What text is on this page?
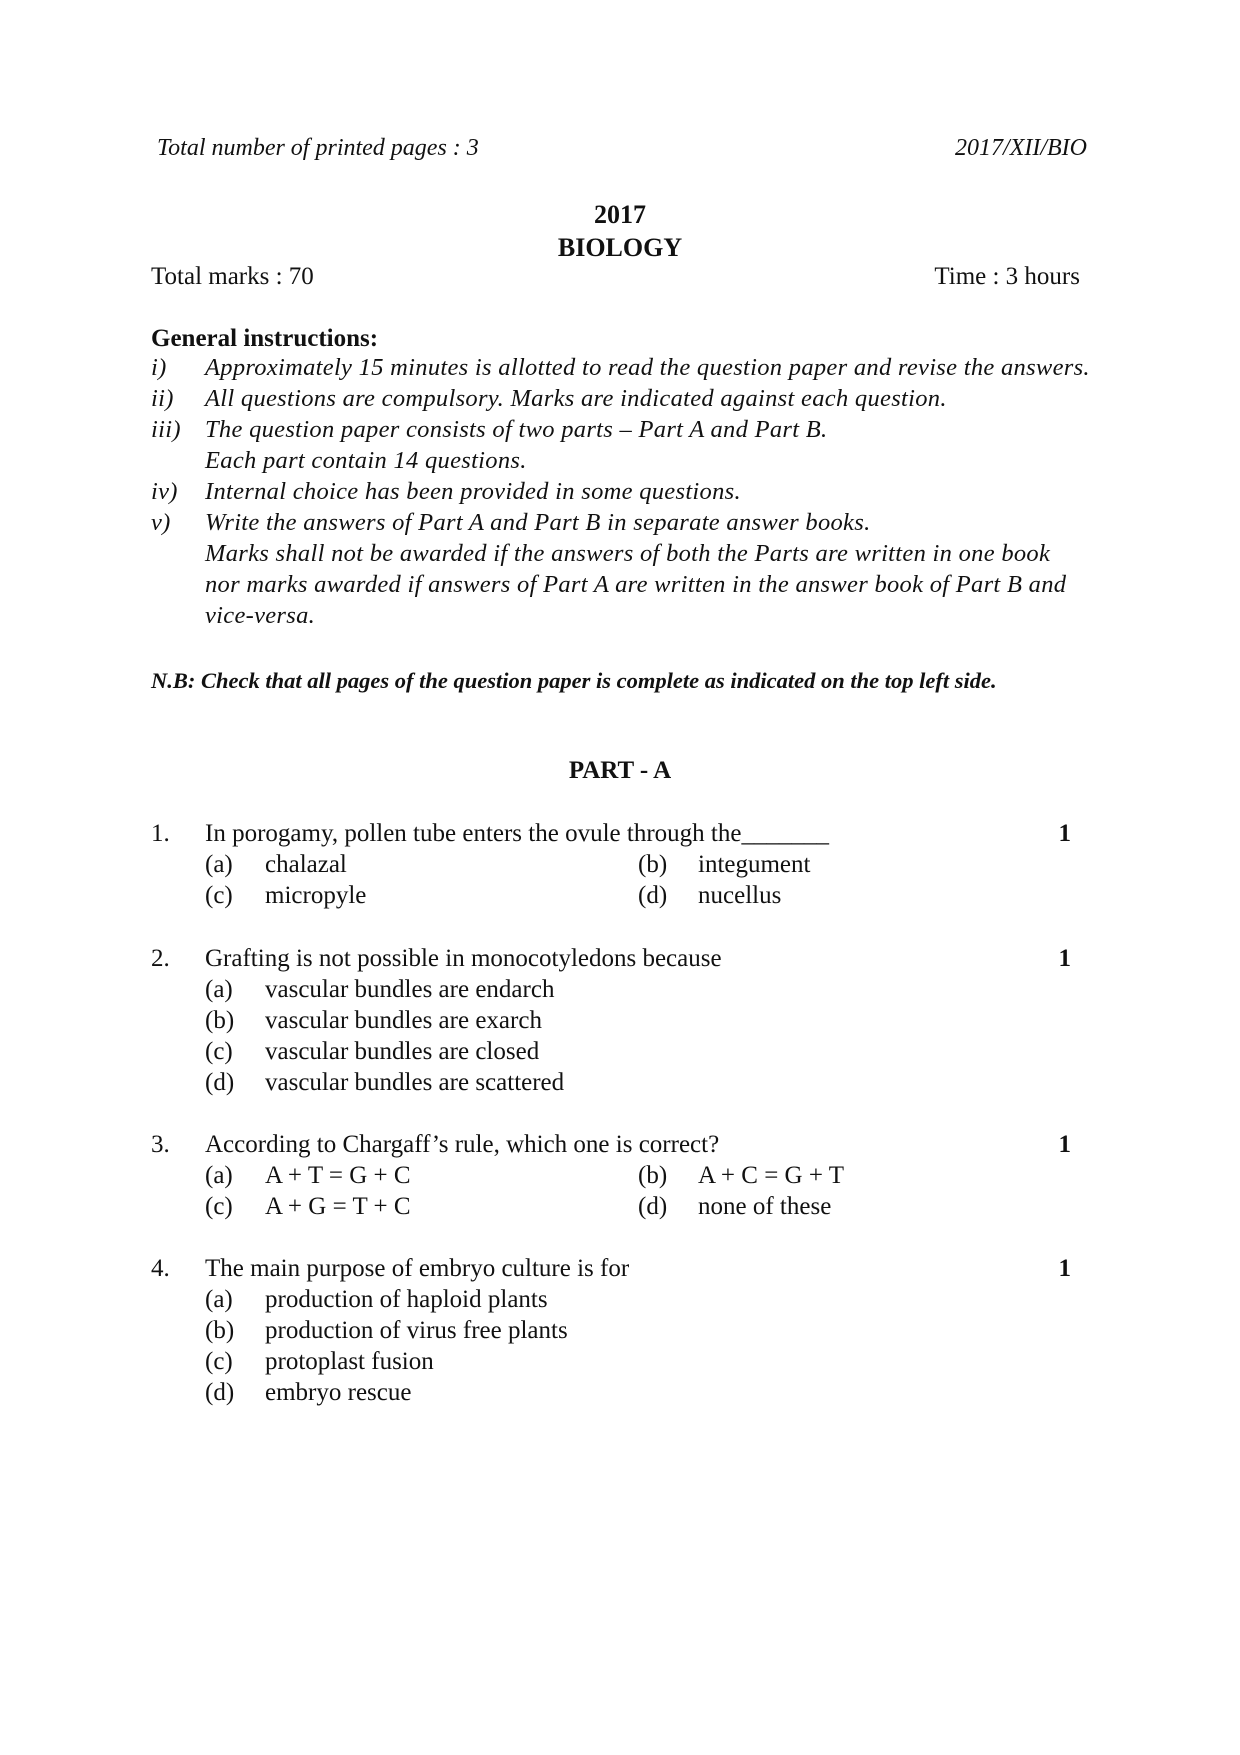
Total number of printed pages : 3	2017/XII/BIO
2017
BIOLOGY
Total marks : 70	Time : 3 hours
General instructions:
i)	Approximately 15 minutes is allotted to read the question paper and revise the answers.
ii)	All questions are compulsory. Marks are indicated against each question.
iii) The question paper consists of two parts – Part A and Part B.
Each part contain 14 questions.
iv)	Internal choice has been provided in some questions.
v)	Write the answers of Part A and Part B in separate answer books.
Marks shall not be awarded if the answers of both the Parts are written in one book nor marks awarded if answers of Part A are written in the answer book of Part B and vice-versa.
N.B: Check that all pages of the question paper is complete as indicated on the top left side.
PART - A
1.	In porogamy, pollen tube enters the ovule through the_______	1
(a)	chalazal	(b)	integument
(c)	micropyle	(d)	nucellus
2.	Grafting is not possible in monocotyledons because	1
(a)	vascular bundles are endarch
(b)	vascular bundles are exarch
(c)	vascular bundles are closed
(d)	vascular bundles are scattered
3.	According to Chargaff’s rule, which one is correct?	1
(a)	A + T = G + C	(b)	A + C = G + T
(c)	A + G = T + C	(d)	none of these
4.	The main purpose of embryo culture is for	1
(a)	production of haploid plants
(b)	production of virus free plants
(c)	protoplast fusion
(d)	embryo rescue
